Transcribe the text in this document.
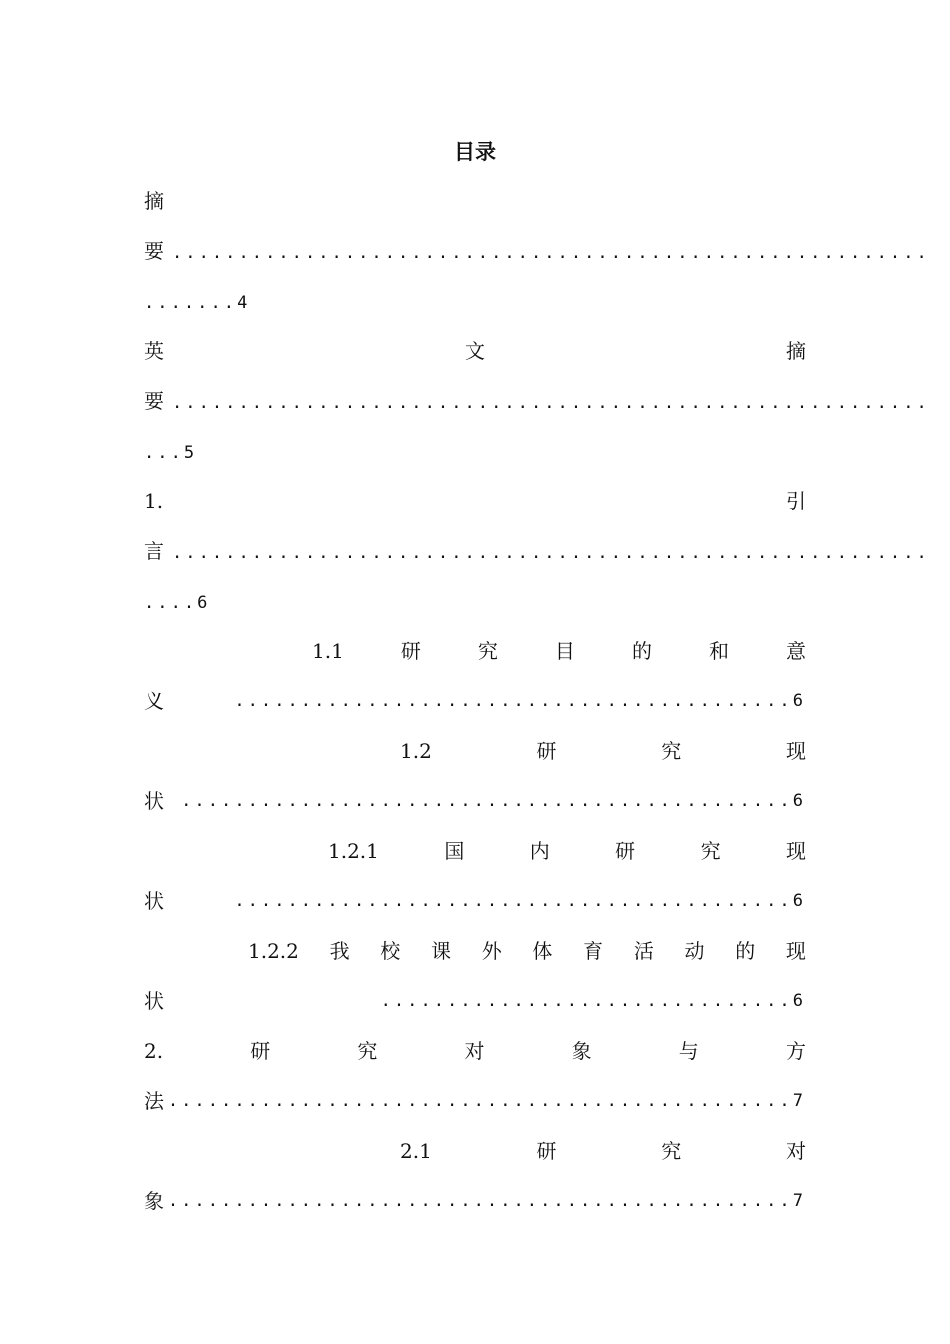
目录
摘
要 .........................................................
.......4
英	文	摘
要 .........................................................
...5
1.	引
言 .........................................................
....6
1.1	研	究	目	的	和	意
义	..........................................6
1.2	研	究	现
状 ..............................................6
1.2.1	国	内	研	究	现
状	..........................................6
1.2.2 我 校 课 外 体 育 活 动 的 现
状	...............................6
2.	研	究	对	象	与	方
法 ...............................................7
2.1	研	究	对
象 ...............................................7
